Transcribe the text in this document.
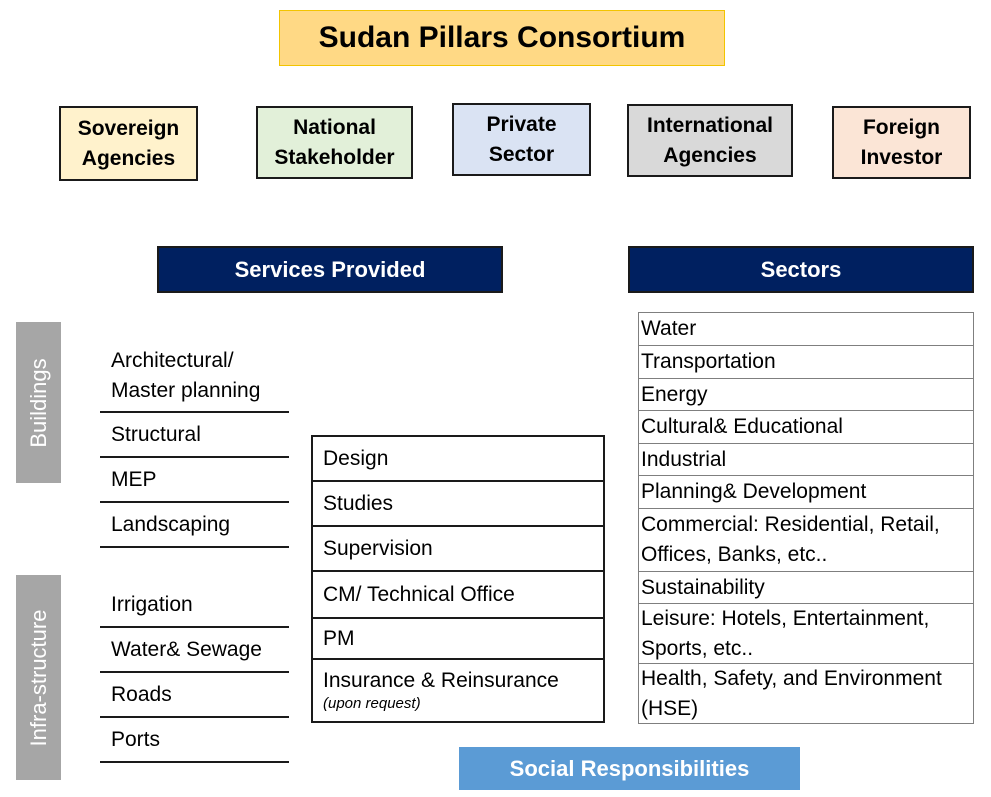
Sudan Pillars Consortium
Sovereign
Agencies
National
Stakeholder
Private
Sector
International
Agencies
Foreign
Investor
Services Provided	Sectors
Buildings
Infra-structure
Architectural/
Master planning
Structural
MEP
Landscaping
Irrigation
Water& Sewage
Roads
Ports
Design
Studies
Supervision
CM/ Technical Office
PM
Insurance & Reinsurance
(upon request)
Water
Transportation
Energy
Cultural& Educational
Industrial
Planning& Development
Commercial: Residential, Retail, Offices, Banks, etc..
Sustainability
Leisure: Hotels, Entertainment, Sports, etc..
Health, Safety, and Environment (HSE)
Social Responsibilities
